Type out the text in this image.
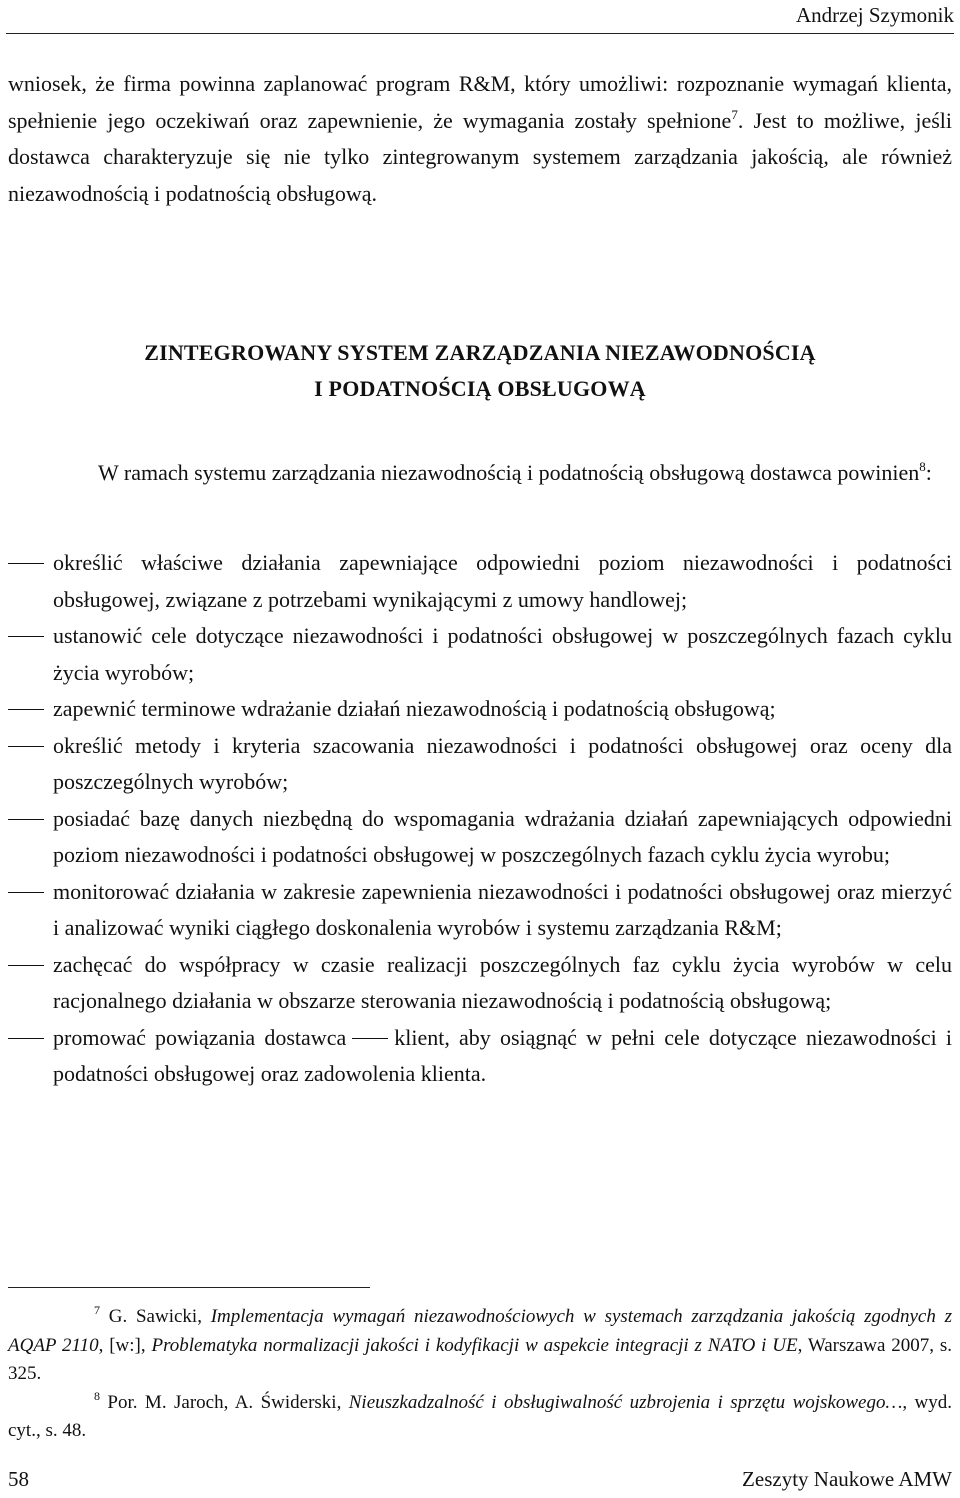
Andrzej Szymonik
wniosek, że firma powinna zaplanować program R&M, który umożliwi: rozpoznanie wymagań klienta, spełnienie jego oczekiwań oraz zapewnienie, że wymagania zostały spełnione$^7$. Jest to możliwe, jeśli dostawca charakteryzuje się nie tylko zintegrowanym systemem zarządzania jakością, ale również niezawodnością i podatnością obsługową.
ZINTEGROWANY SYSTEM ZARZĄDZANIA NIEZAWODNOŚCIĄ
I PODATNOŚCIĄ OBSŁUGOWĄ
W ramach systemu zarządzania niezawodnością i podatnością obsługową dostawca powinien$^8$:
określić właściwe działania zapewniające odpowiedni poziom niezawodności i podatności obsługowej, związane z potrzebami wynikającymi z umowy handlowej;
ustanowić cele dotyczące niezawodności i podatności obsługowej w poszczególnych fazach cyklu życia wyrobów;
zapewnić terminowe wdrażanie działań niezawodnością i podatnością obsługową;
określić metody i kryteria szacowania niezawodności i podatności obsługowej oraz oceny dla poszczególnych wyrobów;
posiadać bazę danych niezbędną do wspomagania wdrażania działań zapewniających odpowiedni poziom niezawodności i podatności obsługowej w poszczególnych fazach cyklu życia wyrobu;
monitorować działania w zakresie zapewnienia niezawodności i podatności obsługowej oraz mierzyć i analizować wyniki ciągłego doskonalenia wyrobów i systemu zarządzania R&M;
zachęcać do współpracy w czasie realizacji poszczególnych faz cyklu życia wyrobów w celu racjonalnego działania w obszarze sterowania niezawodnością i podatnością obsługową;
promować powiązania dostawca klient, aby osiągnąć w pełni cele dotyczące niezawodności i podatności obsługowej oraz zadowolenia klienta.
$^7$ G. Sawicki, Implementacja wymagań niezawodnościowych w systemach zarządzania jakością zgodnych z AQAP 2110, [w:], Problematyka normalizacji jakości i kodyfikacji w aspekcie integracji z NATO i UE, Warszawa 2007, s. 325.
$^8$ Por. M. Jaroch, A. Świderski, Nieuszkadzalność i obsługiwalność uzbrojenia i sprzętu wojskowego…, wyd. cyt., s. 48.
58	Zeszyty Naukowe AMW
